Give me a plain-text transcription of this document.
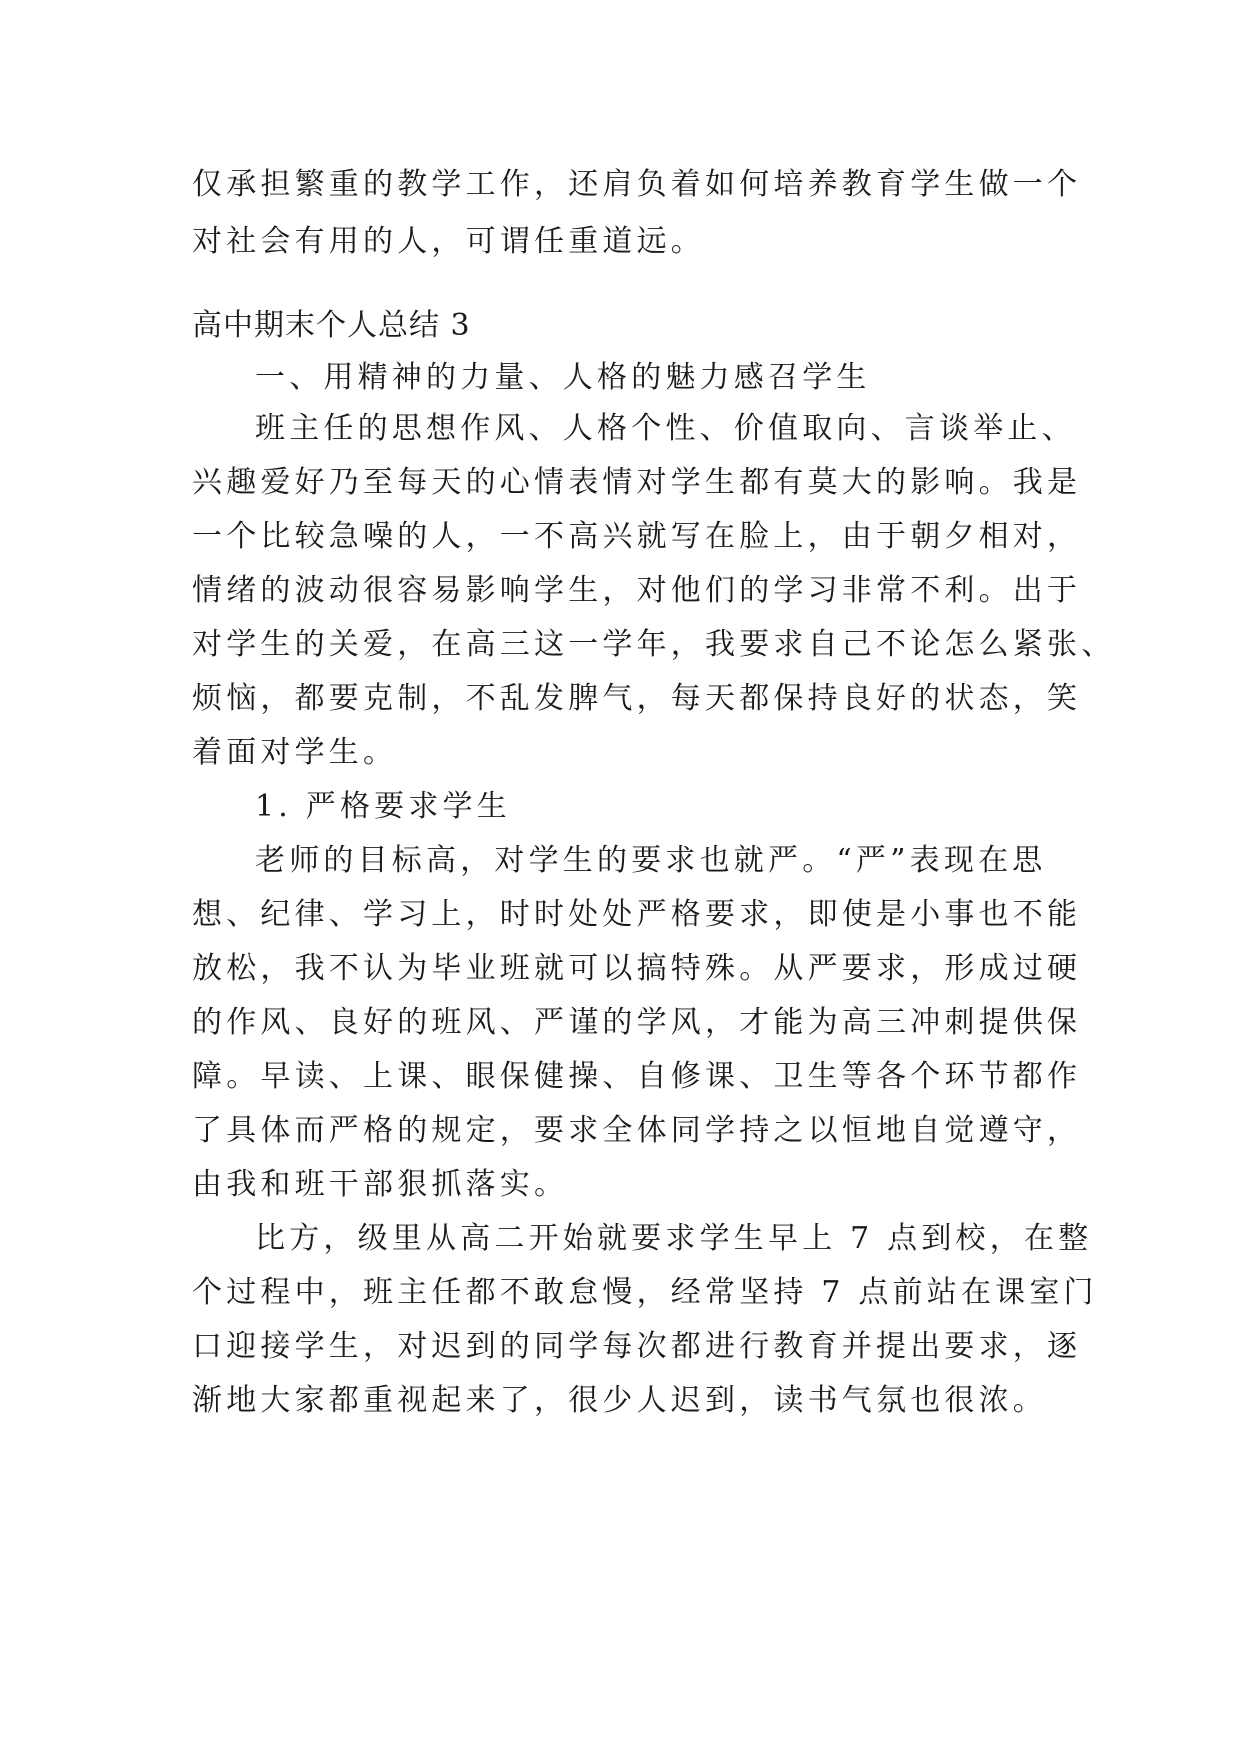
仅承担繁重的教学工作，还肩负着如何培养教育学生做一个
对社会有用的人，可谓任重道远。
高中期末个人总结 3
一、用精神的力量、人格的魅力感召学生
班主任的思想作风、人格个性、价值取向、言谈举止、
兴趣爱好乃至每天的心情表情对学生都有莫大的影响。我是
一个比较急噪的人，一不高兴就写在脸上，由于朝夕相对，
情绪的波动很容易影响学生，对他们的学习非常不利。出于
对学生的关爱，在高三这一学年，我要求自己不论怎么紧张、
烦恼，都要克制，不乱发脾气，每天都保持良好的状态，笑
着面对学生。
1. 严格要求学生
老师的目标高，对学生的要求也就严。“严”表现在思
想、纪律、学习上，时时处处严格要求，即使是小事也不能
放松，我不认为毕业班就可以搞特殊。从严要求，形成过硬
的作风、良好的班风、严谨的学风，才能为高三冲刺提供保
障。早读、上课、眼保健操、自修课、卫生等各个环节都作
了具体而严格的规定，要求全体同学持之以恒地自觉遵守，
由我和班干部狠抓落实。
比方，级里从高二开始就要求学生早上 7 点到校，在整
个过程中，班主任都不敢怠慢，经常坚持 7 点前站在课室门
口迎接学生，对迟到的同学每次都进行教育并提出要求，逐
渐地大家都重视起来了，很少人迟到，读书气氛也很浓。
